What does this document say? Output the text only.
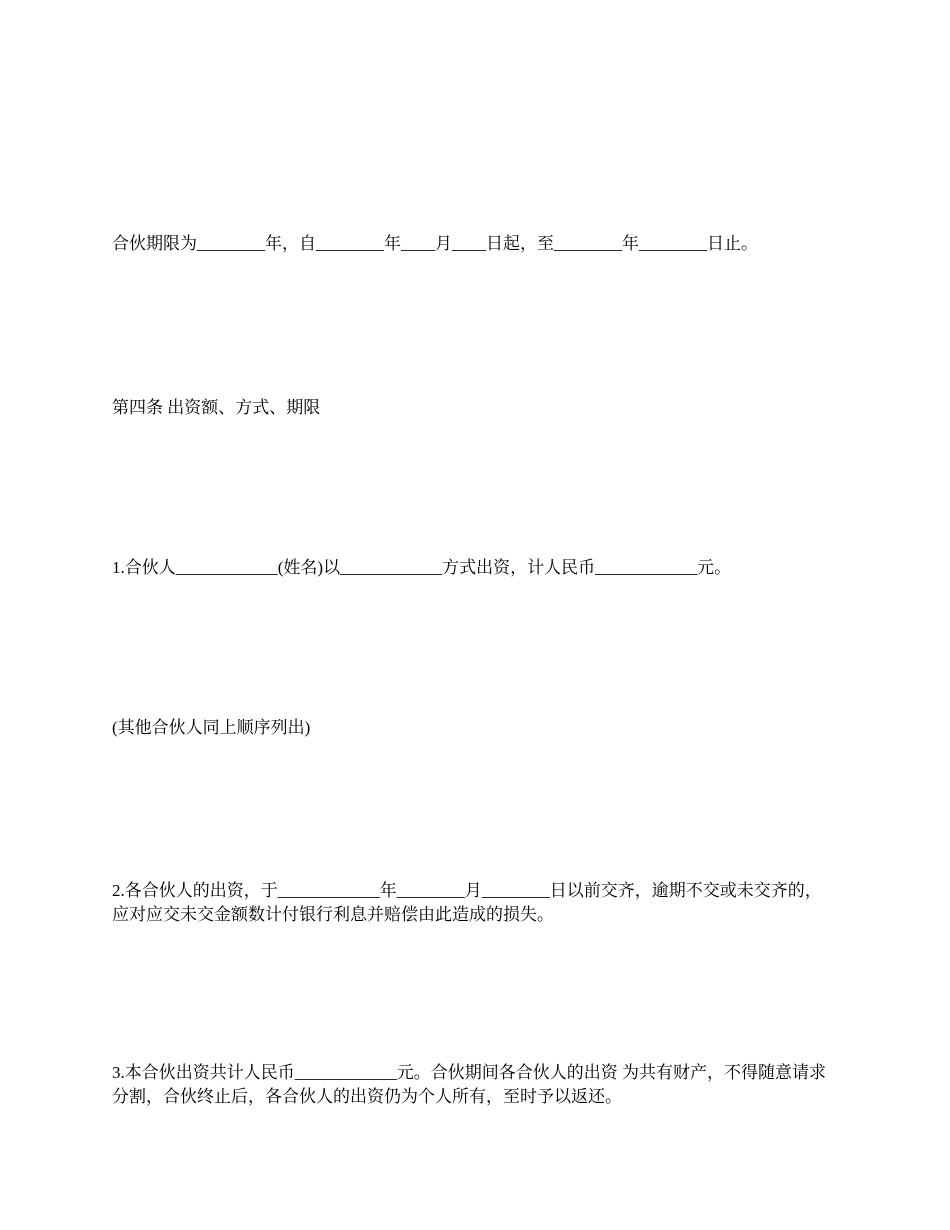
合伙期限为________年，自________年____月____日起，至________年________日止。

第四条 出资额、方式、期限

1.合伙人____________(姓名)以____________方式出资，计人民币____________元。

(其他合伙人同上顺序列出)

2.各合伙人的出资，于____________年________月________日以前交齐，逾期不交或未交齐的，应对应交未交金额数计付银行利息并赔偿由此造成的损失。

3.本合伙出资共计人民币____________元。合伙期间各合伙人的出资 为共有财产，不得随意请求分割，合伙终止后，各合伙人的出资仍为个人所有，至时予以返还。
